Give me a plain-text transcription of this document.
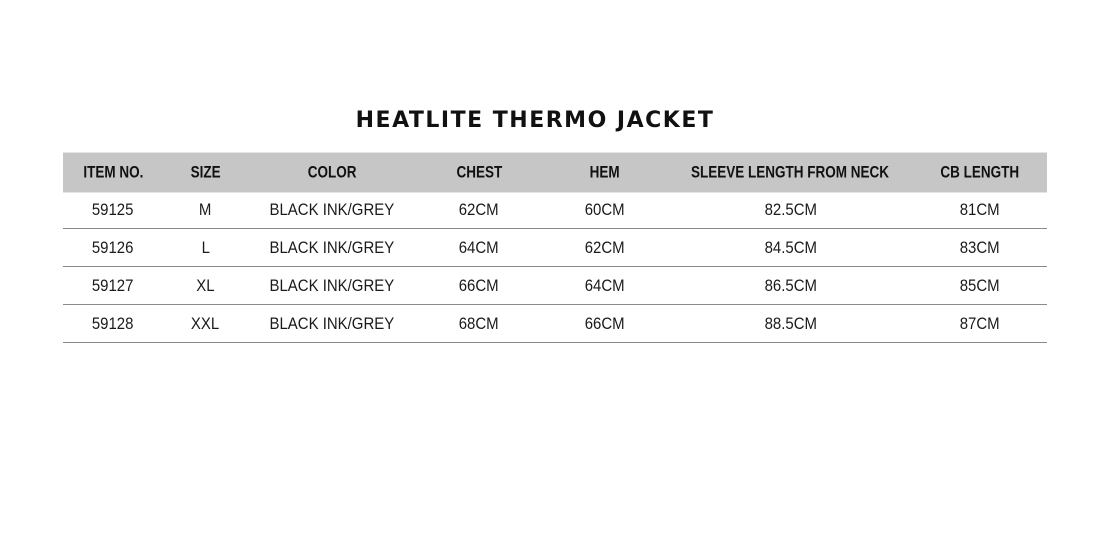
HEATLITE THERMO JACKET
ITEM NO.	SIZE	COLOR	CHEST	HEM	SLEEVE LENGTH FROM NECK	CB LENGTH
59125	M	BLACK INK/GREY	62CM	60CM	82.5CM	81CM
59126	L	BLACK INK/GREY	64CM	62CM	84.5CM	83CM
59127	XL	BLACK INK/GREY	66CM	64CM	86.5CM	85CM
59128	XXL	BLACK INK/GREY	68CM	66CM	88.5CM	87CM
